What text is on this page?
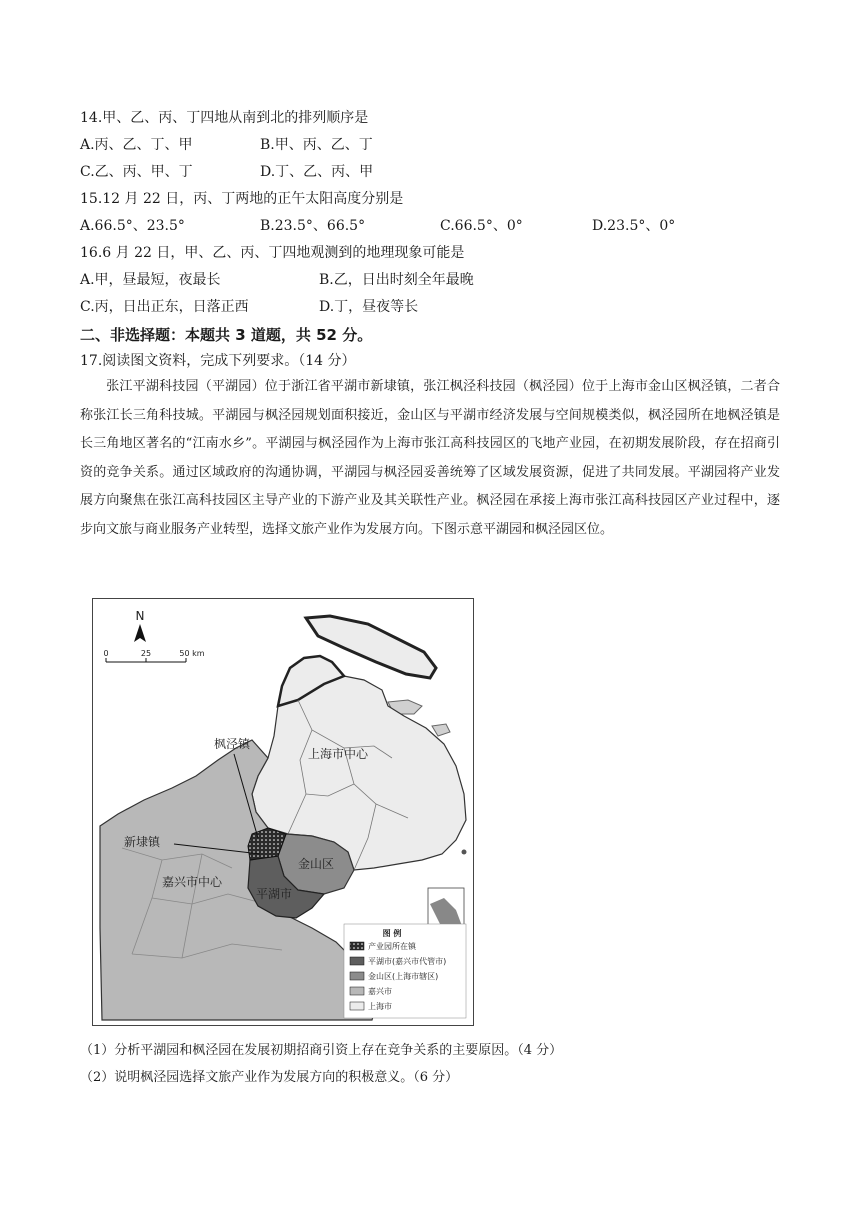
14.甲、乙、丙、丁四地从南到北的排列顺序是
A.丙、乙、丁、甲	B.甲、丙、乙、丁
C.乙、丙、甲、丁	D.丁、乙、丙、甲
15.12 月 22 日，丙、丁两地的正午太阳高度分别是
A.66.5°、23.5°	B.23.5°、66.5°	C.66.5°、0°	D.23.5°、0°
16.6 月 22 日，甲、乙、丙、丁四地观测到的地理现象可能是
A.甲，昼最短，夜最长	B.乙，日出时刻全年最晚
C.丙，日出正东，日落正西	D.丁，昼夜等长
二、非选择题：本题共 3 道题，共 52 分。
17.阅读图文资料，完成下列要求。（14 分）
张江平湖科技园（平湖园）位于浙江省平湖市新埭镇，张江枫泾科技园（枫泾园）位于上海市金山区枫泾镇，二者合称张江长三角科技城。平湖园与枫泾园规划面积接近，金山区与平湖市经济发展与空间规模类似，枫泾园所在地枫泾镇是长三角地区著名的“江南水乡”。平湖园与枫泾园作为上海市张江高科技园区的飞地产业园，在初期发展阶段，存在招商引资的竞争关系。通过区域政府的沟通协调，平湖园与枫泾园妥善统筹了区域发展资源，促进了共同发展。平湖园将产业发展方向聚焦在张江高科技园区主导产业的下游产业及其关联性产业。枫泾园在承接上海市张江高科技园区产业过程中，逐步向文旅与商业服务产业转型，选择文旅产业作为发展方向。下图示意平湖园和枫泾园区位。
N
0	25	50 km
枫泾镇
新埭镇
上海市中心
金山区
嘉兴市中心
平湖市
图 例
产业园所在镇
平湖市(嘉兴市代管市)
金山区(上海市辖区)
嘉兴市
上海市
（1）分析平湖园和枫泾园在发展初期招商引资上存在竞争关系的主要原因。（4 分）
（2）说明枫泾园选择文旅产业作为发展方向的积极意义。（6 分）
